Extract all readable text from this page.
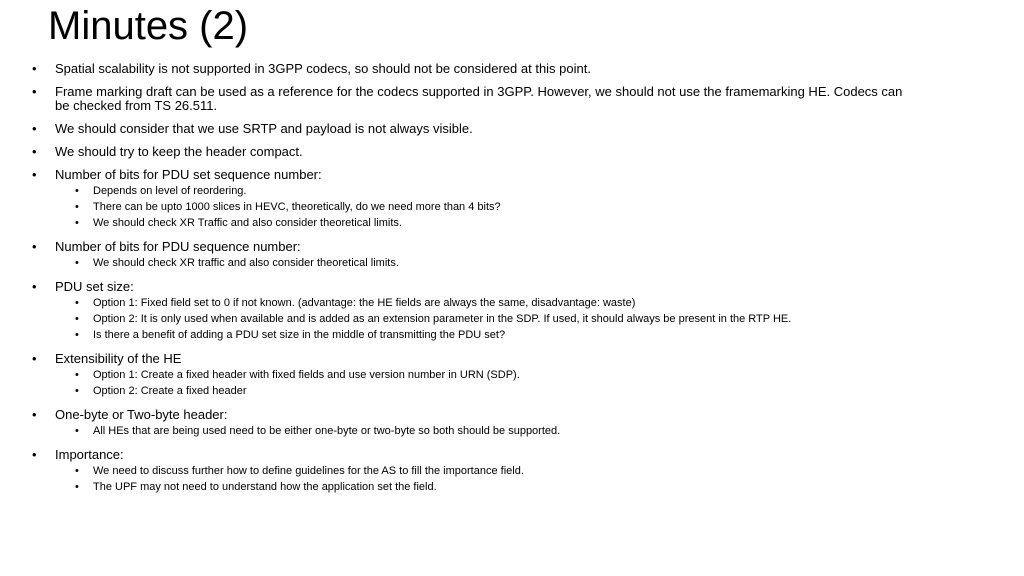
Minutes (2)
• Spatial scalability is not supported in 3GPP codecs, so should not be considered at this point.
• Frame marking draft can be used as a reference for the codecs supported in 3GPP. However, we should not use the framemarking HE. Codecs can be checked from TS 26.511.
• We should consider that we use SRTP and payload is not always visible.
• We should try to keep the header compact.
• Number of bits for PDU set sequence number:
• Depends on level of reordering.
• There can be upto 1000 slices in HEVC, theoretically, do we need more than 4 bits?
• We should check XR Traffic and also consider theoretical limits.
• Number of bits for PDU sequence number:
• We should check XR traffic and also consider theoretical limits.
• PDU set size:
• Option 1: Fixed field set to 0 if not known. (advantage: the HE fields are always the same, disadvantage: waste)
• Option 2: It is only used when available and is added as an extension parameter in the SDP. If used, it should always be present in the RTP HE.
• Is there a benefit of adding a PDU set size in the middle of transmitting the PDU set?
• Extensibility of the HE
• Option 1: Create a fixed header with fixed fields and use version number in URN (SDP).
• Option 2: Create a fixed header
• One-byte or Two-byte header:
• All HEs that are being used need to be either one-byte or two-byte so both should be supported.
• Importance:
• We need to discuss further how to define guidelines for the AS to fill the importance field.
• The UPF may not need to understand how the application set the field.
